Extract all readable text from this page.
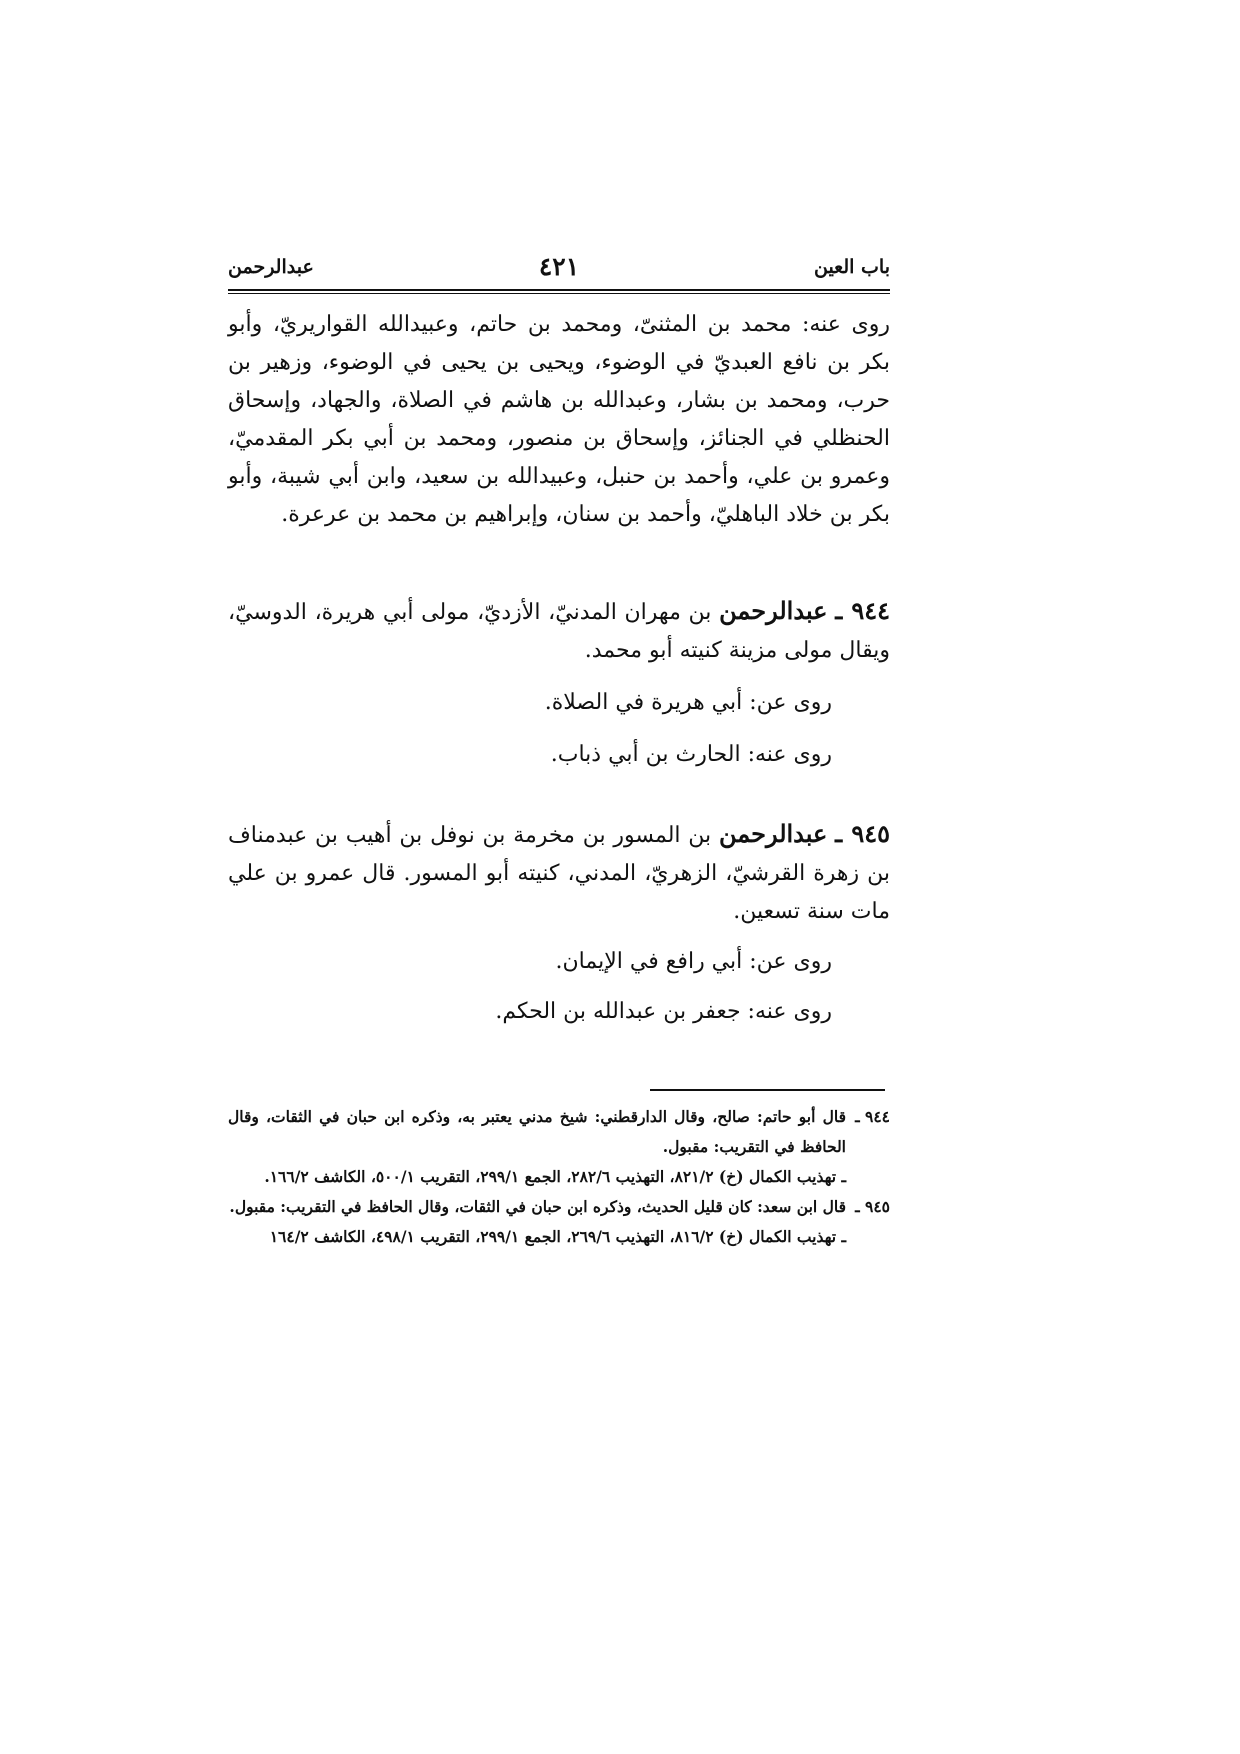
باب العين
٤٢١
عبدالرحمن

روى عنه: محمد بن المثنىّ، ومحمد بن حاتم، وعبيدالله القواريريّ، وأبو بكر بن نافع العبديّ في الوضوء، ويحيى بن يحيى في الوضوء، وزهير بن حرب، ومحمد بن بشار، وعبدالله بن هاشم في الصلاة، والجهاد، وإسحاق الحنظلي في الجنائز، وإسحاق بن منصور، ومحمد بن أبي بكر المقدميّ، وعمرو بن علي، وأحمد بن حنبل، وعبيدالله بن سعيد، وابن أبي شيبة، وأبو بكر بن خلاد الباهليّ، وأحمد بن سنان، وإبراهيم بن محمد بن عرعرة.

٩٤٤ ـ عبدالرحمن بن مهران المدنيّ، الأزديّ، مولى أبي هريرة، الدوسيّ، ويقال مولى مزينة كنيته أبو محمد.

روى عن: أبي هريرة في الصلاة.

روى عنه: الحارث بن أبي ذباب.

٩٤٥ ـ عبدالرحمن بن المسور بن مخرمة بن نوفل بن أهيب بن عبدمناف بن زهرة القرشيّ، الزهريّ، المدني، كنيته أبو المسور. قال عمرو بن علي مات سنة تسعين.

روى عن: أبي رافع في الإيمان.

روى عنه: جعفر بن عبدالله بن الحكم.

٩٤٤ ـ
قال أبو حاتم: صالح، وقال الدارقطني: شيخ مدني يعتبر به، وذكره ابن حبان في الثقات، وقال الحافظ في التقريب: مقبول.
ـ تهذيب الكمال (خ) ٨٢١/٢، التهذيب ٢٨٢/٦، الجمع ٢٩٩/١، التقريب ٥٠٠/١، الكاشف ١٦٦/٢.
٩٤٥ ـ
قال ابن سعد: كان قليل الحديث، وذكره ابن حبان في الثقات، وقال الحافظ في التقريب: مقبول.
ـ تهذيب الكمال (خ) ٨١٦/٢، التهذيب ٢٦٩/٦، الجمع ٢٩٩/١، التقريب ٤٩٨/١، الكاشف ١٦٤/٢
